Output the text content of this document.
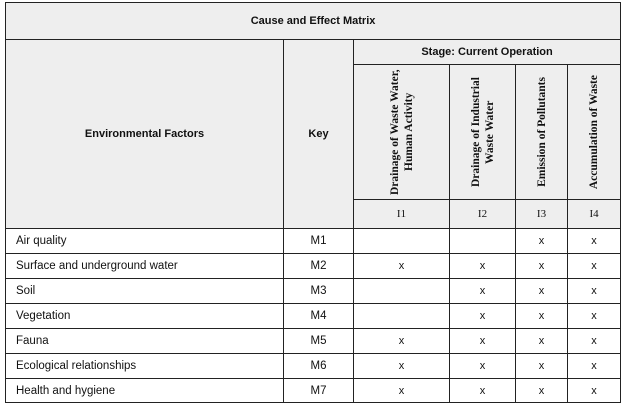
Cause and Effect Matrix					
Environmental Factors	Key	Stage: Current Operation			

		Drainage of Waste Water, Human Activity	Drainage of Industrial Waste Water	Emission of Pollutants	Accumulation of Waste

		I1	I2	I3	I4
Air quality	M1			x	x
Surface and underground water	M2	x	x	x	x
Soil	M3		x	x	x
Vegetation	M4		x	x	x
Fauna	M5	x	x	x	x
Ecological relationships	M6	x	x	x	x
Health and hygiene	M7	x	x	x	x
